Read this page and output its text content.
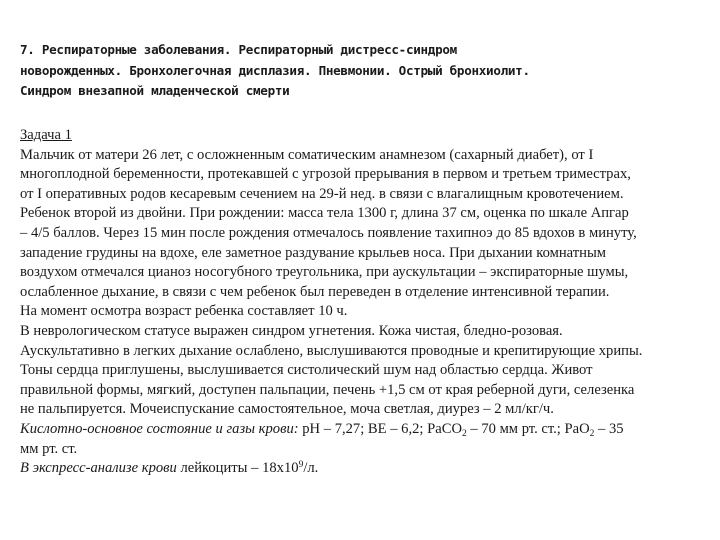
7. Респираторные заболевания. Респираторный дистресс-синдром
новорожденных. Бронхолегочная дисплазия. Пневмонии. Острый бронхиолит.
Синдром внезапной младенческой смерти
Задача 1
Мальчик от матери 26 лет, с осложненным соматическим анамнезом (сахарный диабет), от I
многоплодной беременности, протекавшей с угрозой прерывания в первом и третьем триместрах,
от I оперативных родов кесаревым сечением на 29-й нед. в связи с влагалищным кровотечением.
Ребенок второй из двойни. При рождении: масса тела 1300 г, длина 37 см, оценка по шкале Апгар
– 4/5 баллов. Через 15 мин после рождения отмечалось появление тахипноэ до 85 вдохов в минуту,
западение грудины на вдохе, еле заметное раздувание крыльев носа. При дыхании комнатным
воздухом отмечался цианоз носогубного треугольника, при аускультации – экспираторные шумы,
ослабленное дыхание, в связи с чем ребенок был переведен в отделение интенсивной терапии.
На момент осмотра возраст ребенка составляет 10 ч.
В неврологическом статусе выражен синдром угнетения. Кожа чистая, бледно-розовая.
Аускультативно в легких дыхание ослаблено, выслушиваются проводные и крепитирующие хрипы.
Тоны сердца приглушены, выслушивается систолический шум над областью сердца. Живот
правильной формы, мягкий, доступен пальпации, печень +1,5 см от края реберной дуги, селезенка
не пальпируется. Мочеиспускание самостоятельное, моча светлая, диурез – 2 мл/кг/ч.
Кислотно-основное состояние и газы крови: pH – 7,27; BE – 6,2; PaCO$_2$ – 70 мм рт. ст.; PaO$_2$ – 35
мм рт. ст.
В экспресс-анализе крови лейкоциты – $18x10^9/л$.
